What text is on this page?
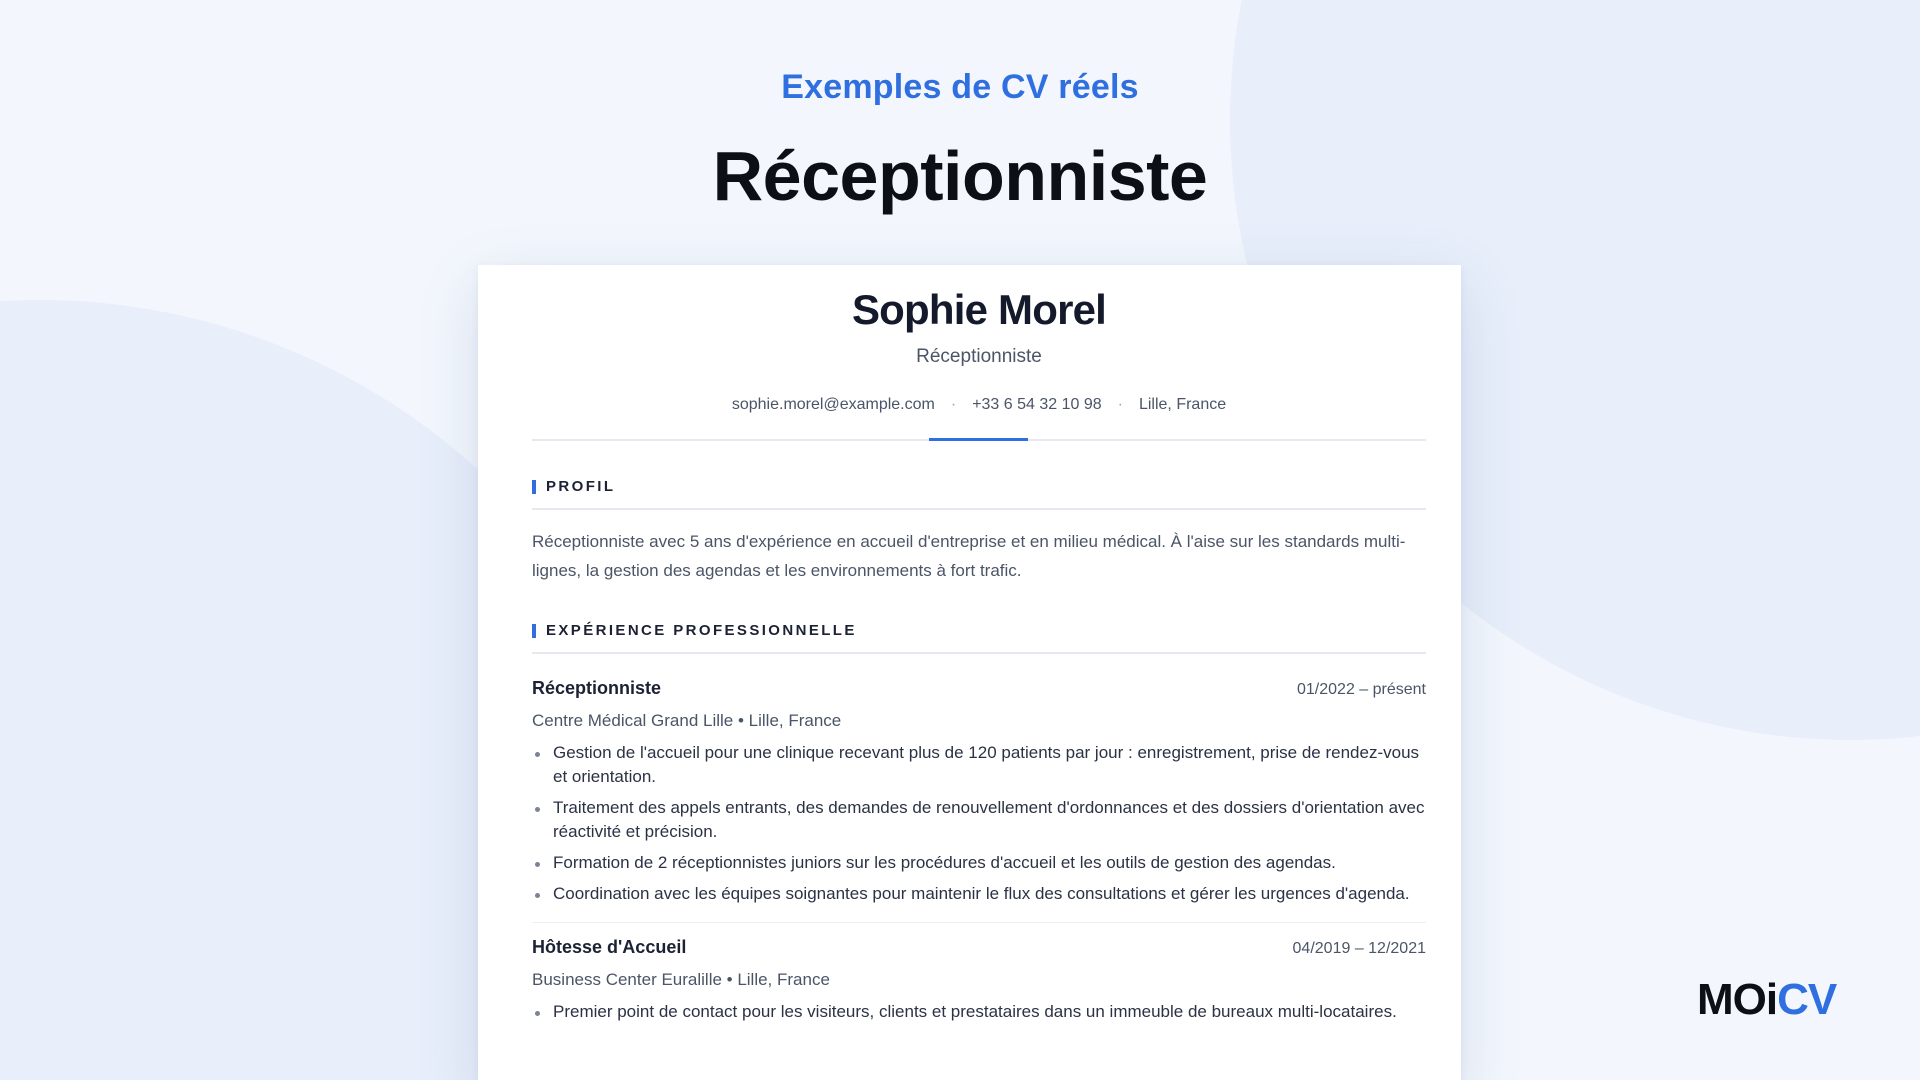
Exemples de CV réels
Réceptionniste
Sophie Morel
Réceptionniste
sophie.morel@example.com · +33 6 54 32 10 98 · Lille, France
PROFIL

Réceptionniste avec 5 ans d'expérience en accueil d'entreprise et en milieu médical. À l'aise sur les standards multi-lignes, la gestion des agendas et les environnements à fort trafic.

EXPÉRIENCE PROFESSIONNELLE
Réceptionniste	01/2022 – présent
Centre Médical Grand Lille • Lille, France
Gestion de l'accueil pour une clinique recevant plus de 120 patients par jour : enregistrement, prise de rendez-vous et orientation.
Traitement des appels entrants, des demandes de renouvellement d'ordonnances et des dossiers d'orientation avec réactivité et précision.
Formation de 2 réceptionnistes juniors sur les procédures d'accueil et les outils de gestion des agendas.
Coordination avec les équipes soignantes pour maintenir le flux des consultations et gérer les urgences d'agenda.
Hôtesse d'Accueil	04/2019 – 12/2021
Business Center Euralille • Lille, France
Premier point de contact pour les visiteurs, clients et prestataires dans un immeuble de bureaux multi-locataires.	MOiCV
